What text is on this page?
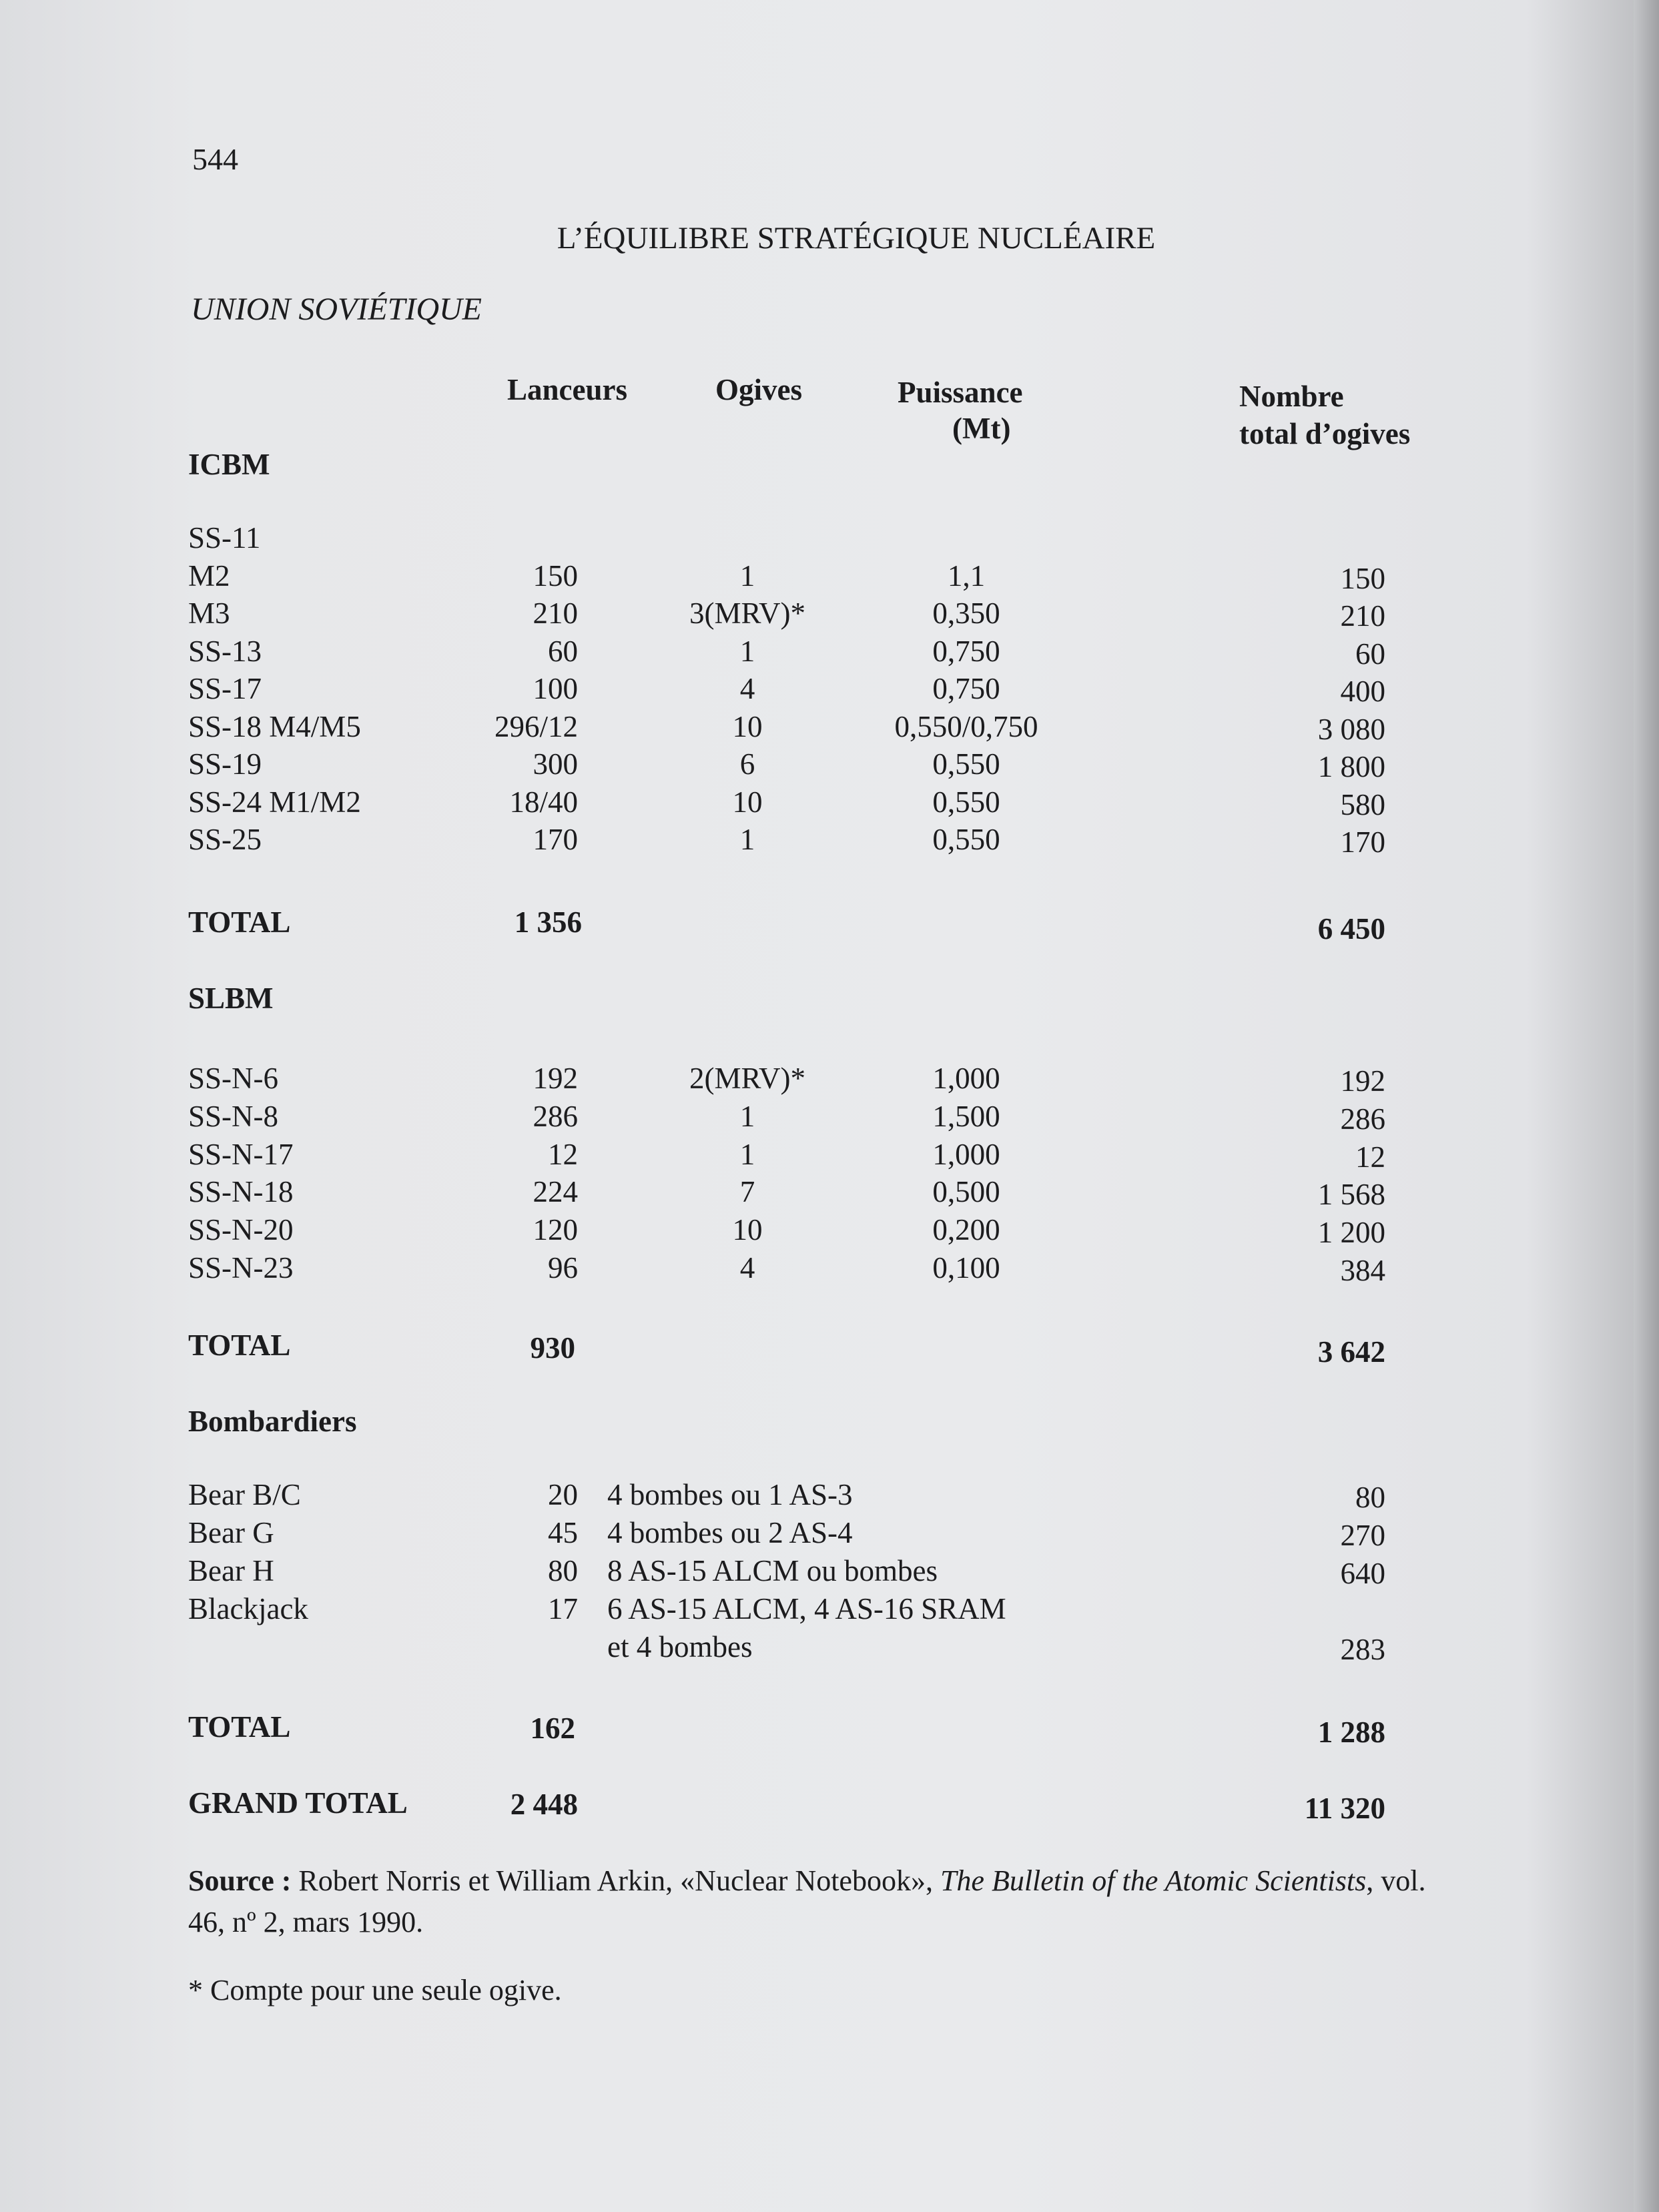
544
L’ÉQUILIBRE STRATÉGIQUE NUCLÉAIRE
UNION SOVIÉTIQUE
Lanceurs	Ogives	Puissance
(Mt)
Nombre
total d’ogives
ICBM
SS-11
M2	150	1	1,1	150
M3	210	3(MRV)*	0,350	210
SS-13	60	1	0,750	60
SS-17	100	4	0,750	400
SS-18 M4/M5	296/12	10	0,550/0,750	3 080
SS-19	300	6	0,550	1 800
SS-24 M1/M2	18/40	10	0,550	580
SS-25	170	1	0,550	170
TOTAL	1 356	6 450
SLBM
SS-N-6	192	2(MRV)*	1,000	192
SS-N-8	286	1	1,500	286
SS-N-17	12	1	1,000	12
SS-N-18	224	7	0,500	1 568
SS-N-20	120	10	0,200	1 200
SS-N-23	96	4	0,100	384
TOTAL	930	3 642
Bombardiers
Bear B/C	20 4 bombes ou 1 AS-3	80
Bear G	45 4 bombes ou 2 AS-4	270
Bear H	80 8 AS-15 ALCM ou bombes	640
Blackjack	17 6 AS-15 ALCM, 4 AS-16 SRAM
et 4 bombes	283
TOTAL	162	1 288
GRAND TOTAL	2 448	11 320
Source : Robert Norris et William Arkin, «Nuclear Notebook», The Bulletin of the Atomic Scientists, vol. 46, nº 2, mars 1990.
* Compte pour une seule ogive.
